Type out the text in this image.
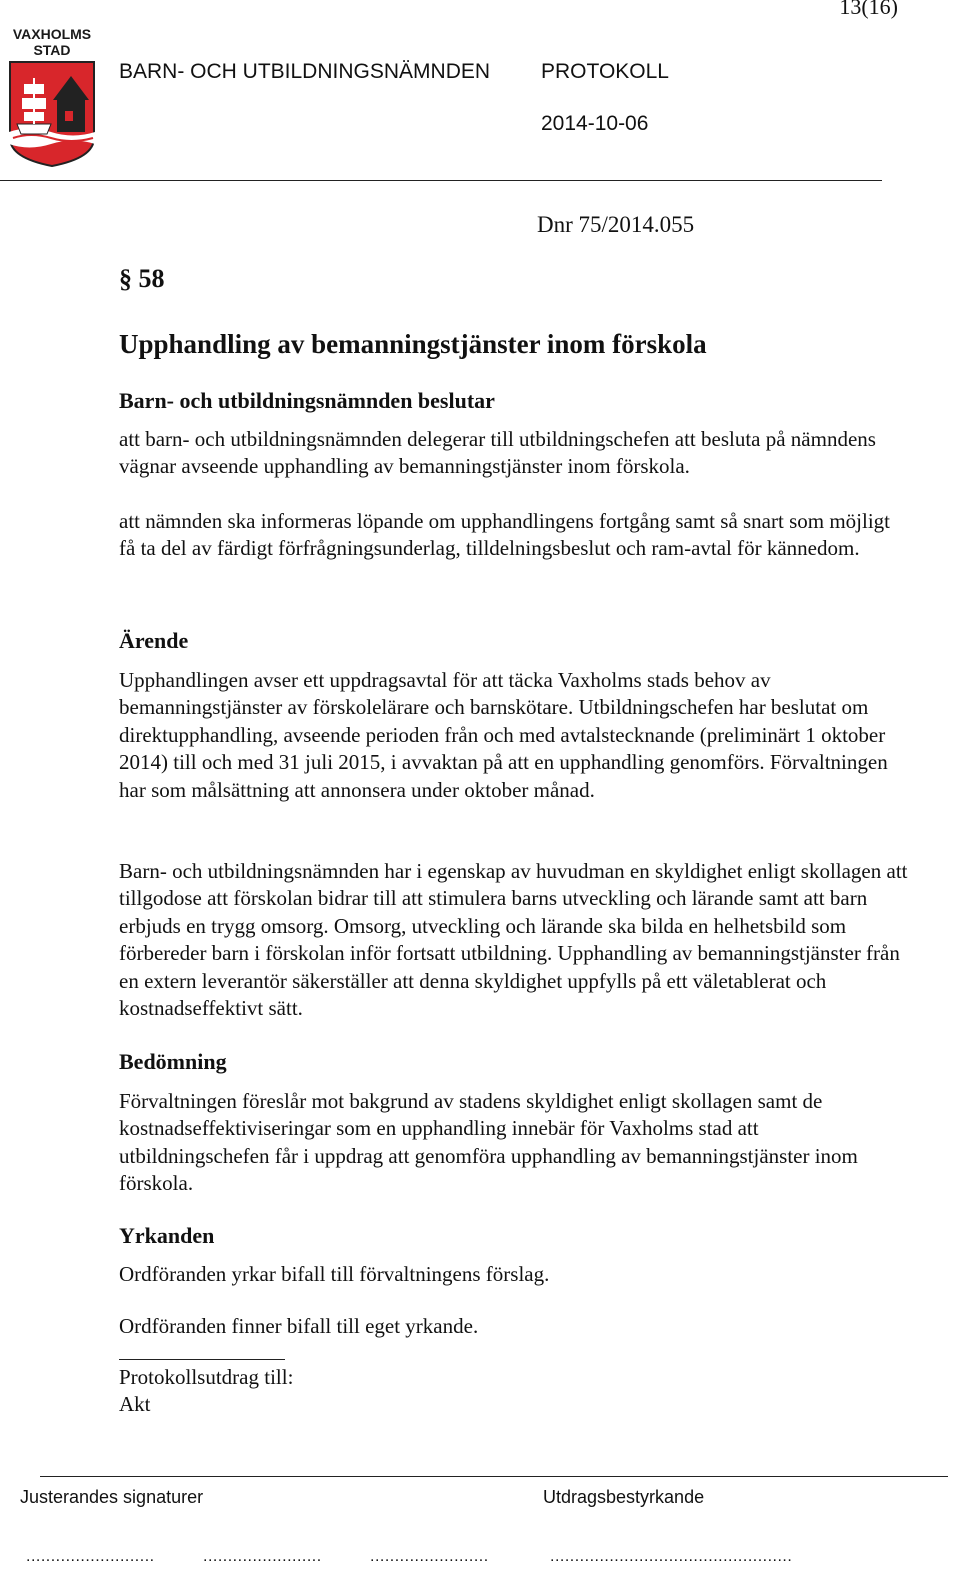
13(16)
VAXHOLMS
STAD
BARN- OCH UTBILDNINGSNÄMNDEN PROTOKOLL
2014-10-06
Dnr 75/2014.055
§ 58
Upphandling av bemanningstjänster inom förskola
Barn- och utbildningsnämnden beslutar

att barn- och utbildningsnämnden delegerar till utbildningschefen att besluta på nämndens vägnar avseende upphandling av bemanningstjänster inom förskola.

att nämnden ska informeras löpande om upphandlingens fortgång samt så snart som möjligt få ta del av färdigt förfrågningsunderlag, tilldelningsbeslut och ram-avtal för kännedom.

Ärende

Upphandlingen avser ett uppdragsavtal för att täcka Vaxholms stads behov av bemanningstjänster av förskolelärare och barnskötare. Utbildningschefen har beslutat om direktupphandling, avseende perioden från och med avtalstecknande (preliminärt 1 oktober 2014) till och med 31 juli 2015, i avvaktan på att en upphandling genomförs. Förvaltningen har som målsättning att annonsera under oktober månad.

Barn- och utbildningsnämnden har i egenskap av huvudman en skyldighet enligt skollagen att tillgodose att förskolan bidrar till att stimulera barns utveckling och lärande samt att barn erbjuds en trygg omsorg. Omsorg, utveckling och lärande ska bilda en helhetsbild som förbereder barn i förskolan inför fortsatt utbildning. Upphandling av bemanningstjänster från en extern leverantör säkerställer att denna skyldighet uppfylls på ett väletablerat och kostnadseffektivt sätt.

Bedömning

Förvaltningen föreslår mot bakgrund av stadens skyldighet enligt skollagen samt de kostnadseffektiviseringar som en upphandling innebär för Vaxholms stad att utbildningschefen får i uppdrag att genomföra upphandling av bemanningstjänster inom förskola.

Yrkanden

Ordföranden yrkar bifall till förvaltningens förslag.

Ordföranden finner bifall till eget yrkande.

Protokollsutdrag till:
Akt
Justerandes signaturer	Utdragsbestyrkande
..........................	........................	........................	.................................................
